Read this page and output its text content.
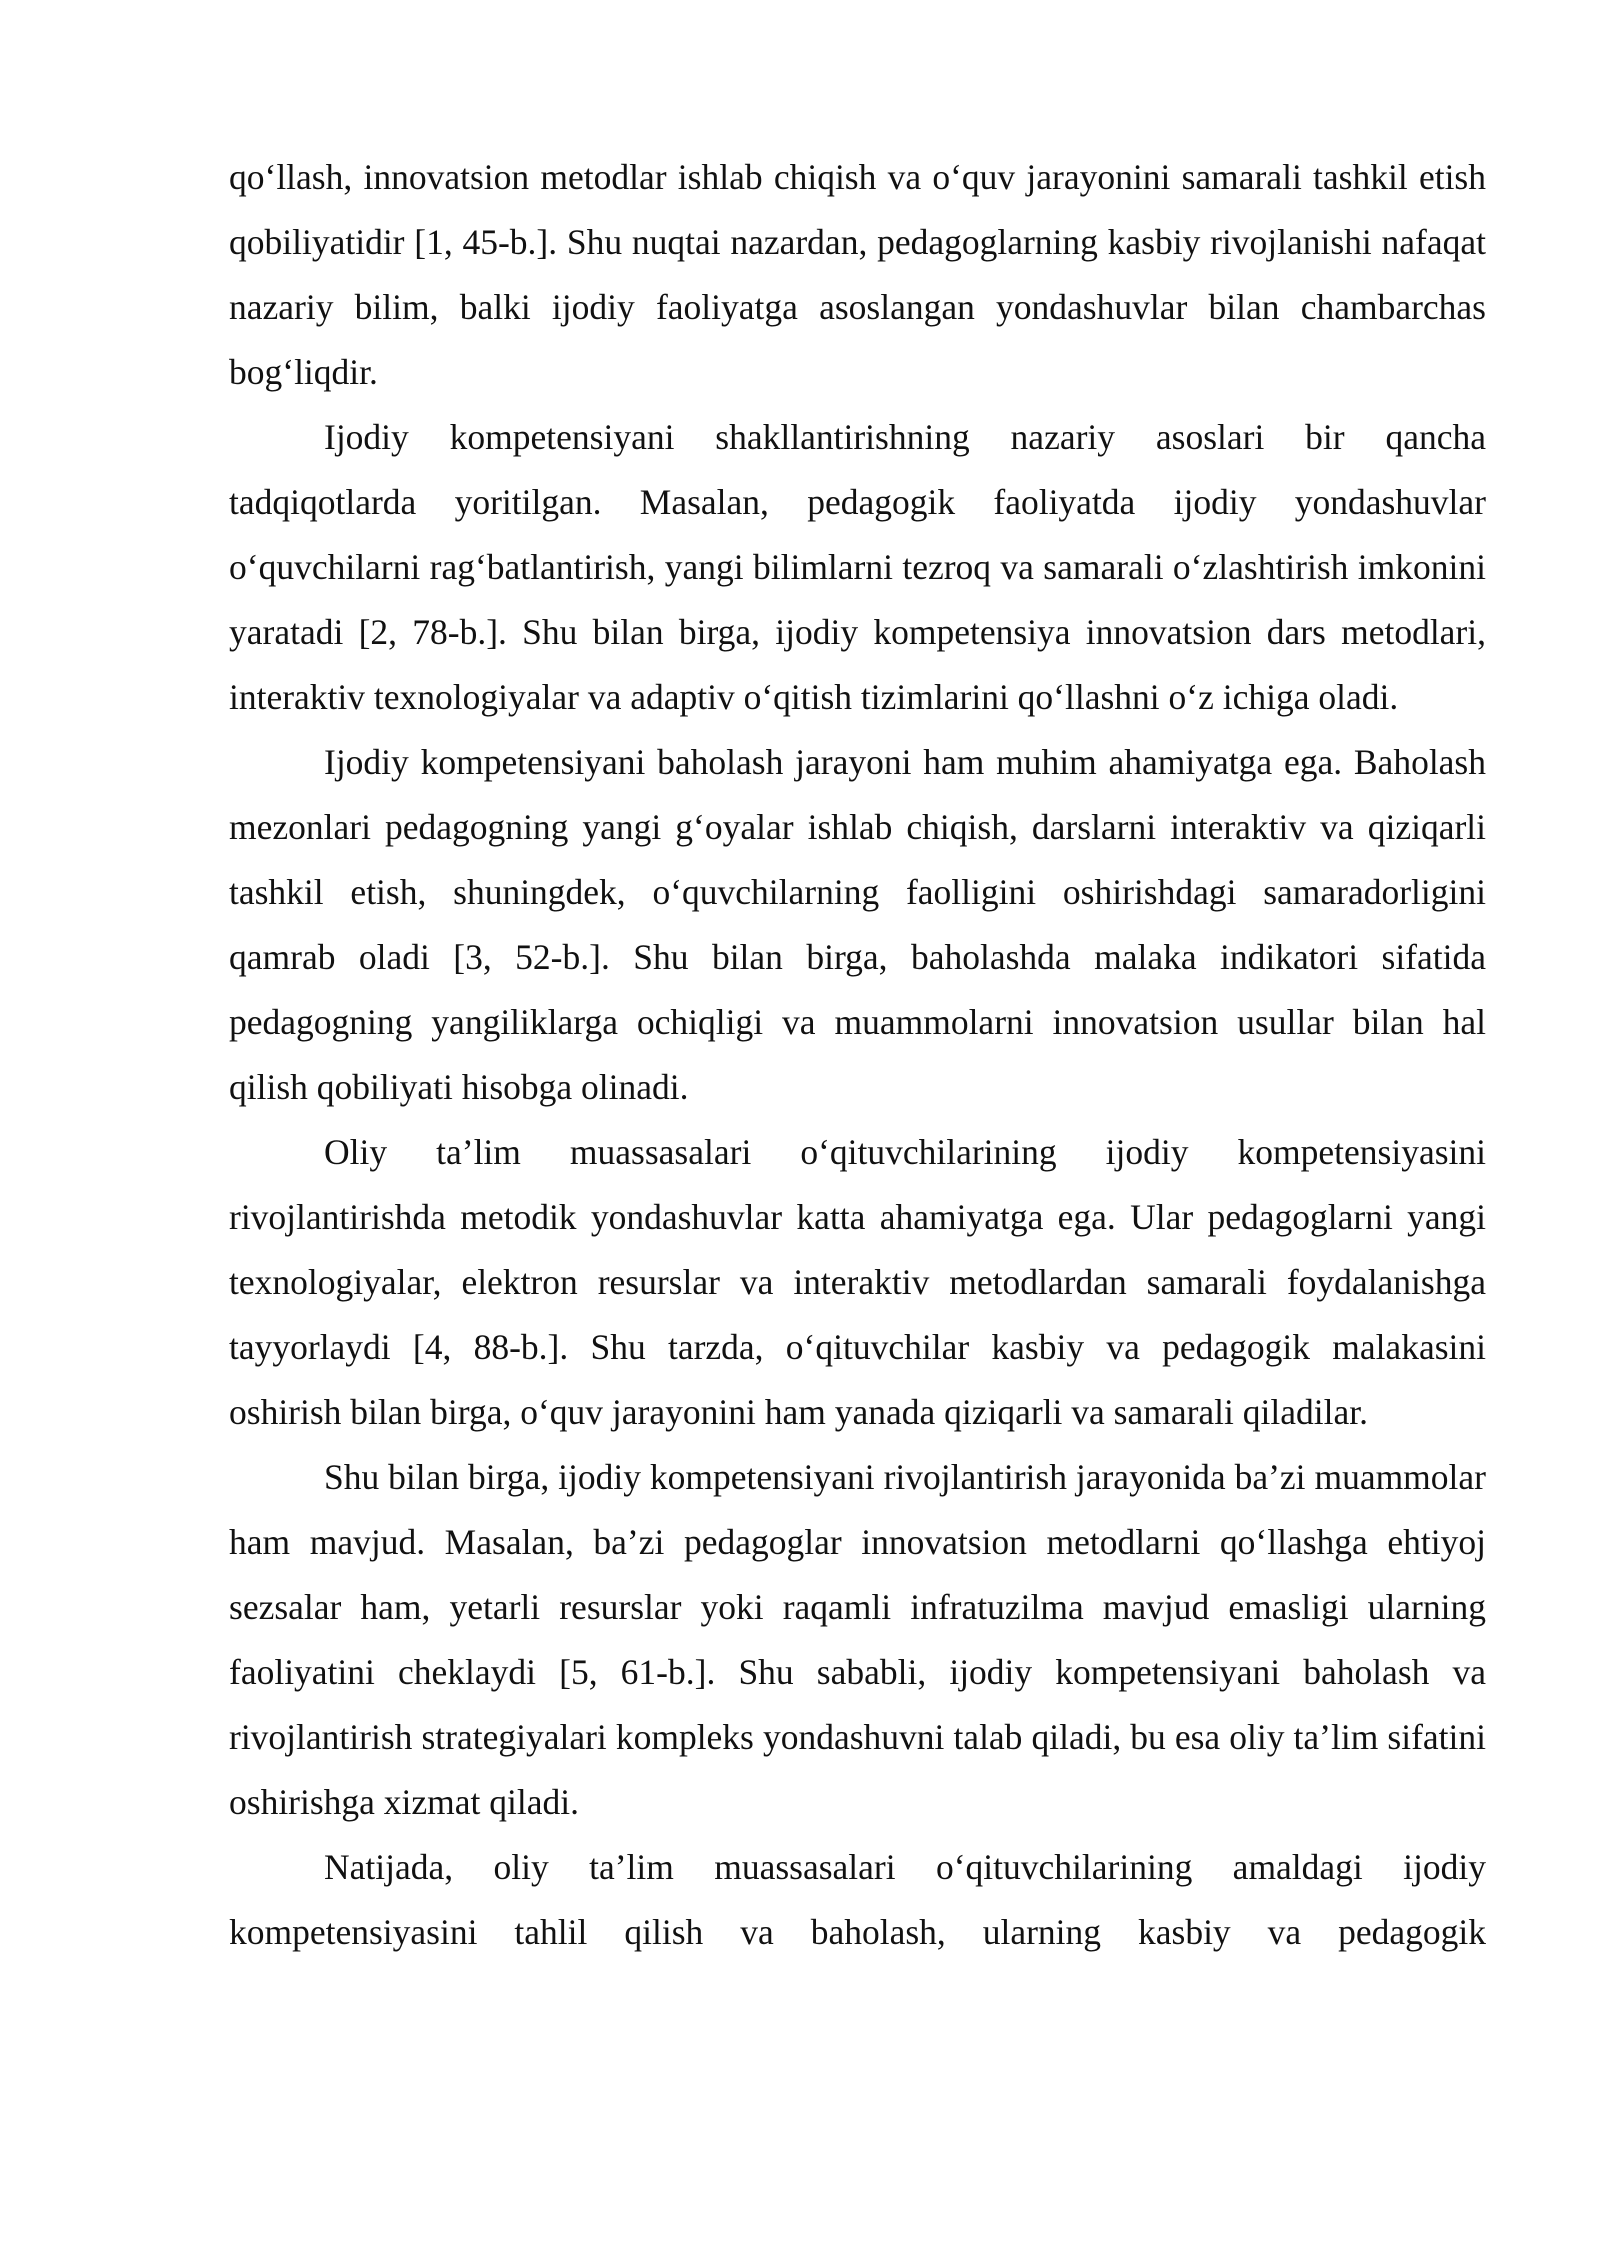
qo‘llash, innovatsion metodlar ishlab chiqish va o‘quv jarayonini samarali tashkil etish qobiliyatidir [1, 45-b.]. Shu nuqtai nazardan, pedagoglarning kasbiy rivojlanishi nafaqat nazariy bilim, balki ijodiy faoliyatga asoslangan yondashuvlar bilan chambarchas bog‘liqdir.

Ijodiy kompetensiyani shakllantirishning nazariy asoslari bir qancha tadqiqotlarda yoritilgan. Masalan, pedagogik faoliyatda ijodiy yondashuvlar o‘quvchilarni rag‘batlantirish, yangi bilimlarni tezroq va samarali o‘zlashtirish imkonini yaratadi [2, 78-b.]. Shu bilan birga, ijodiy kompetensiya innovatsion dars metodlari, interaktiv texnologiyalar va adaptiv o‘qitish tizimlarini qo‘llashni o‘z ichiga oladi.

Ijodiy kompetensiyani baholash jarayoni ham muhim ahamiyatga ega. Baholash mezonlari pedagogning yangi g‘oyalar ishlab chiqish, darslarni interaktiv va qiziqarli tashkil etish, shuningdek, o‘quvchilarning faolligini oshirishdagi samaradorligini qamrab oladi [3, 52-b.]. Shu bilan birga, baholashda malaka indikatori sifatida pedagogning yangiliklarga ochiqligi va muammolarni innovatsion usullar bilan hal qilish qobiliyati hisobga olinadi.

Oliy ta’lim muassasalari o‘qituvchilarining ijodiy kompetensiyasini rivojlantirishda metodik yondashuvlar katta ahamiyatga ega. Ular pedagoglarni yangi texnologiyalar, elektron resurslar va interaktiv metodlardan samarali foydalanishga tayyorlaydi [4, 88-b.]. Shu tarzda, o‘qituvchilar kasbiy va pedagogik malakasini oshirish bilan birga, o‘quv jarayonini ham yanada qiziqarli va samarali qiladilar.

Shu bilan birga, ijodiy kompetensiyani rivojlantirish jarayonida ba’zi muammolar ham mavjud. Masalan, ba’zi pedagoglar innovatsion metodlarni qo‘llashga ehtiyoj sezsalar ham, yetarli resurslar yoki raqamli infratuzilma mavjud emasligi ularning faoliyatini cheklaydi [5, 61-b.]. Shu sababli, ijodiy kompetensiyani baholash va rivojlantirish strategiyalari kompleks yondashuvni talab qiladi, bu esa oliy ta’lim sifatini oshirishga xizmat qiladi.

Natijada, oliy ta’lim muassasalari o‘qituvchilarining amaldagi ijodiy kompetensiyasini tahlil qilish va baholash, ularning kasbiy va pedagogik
